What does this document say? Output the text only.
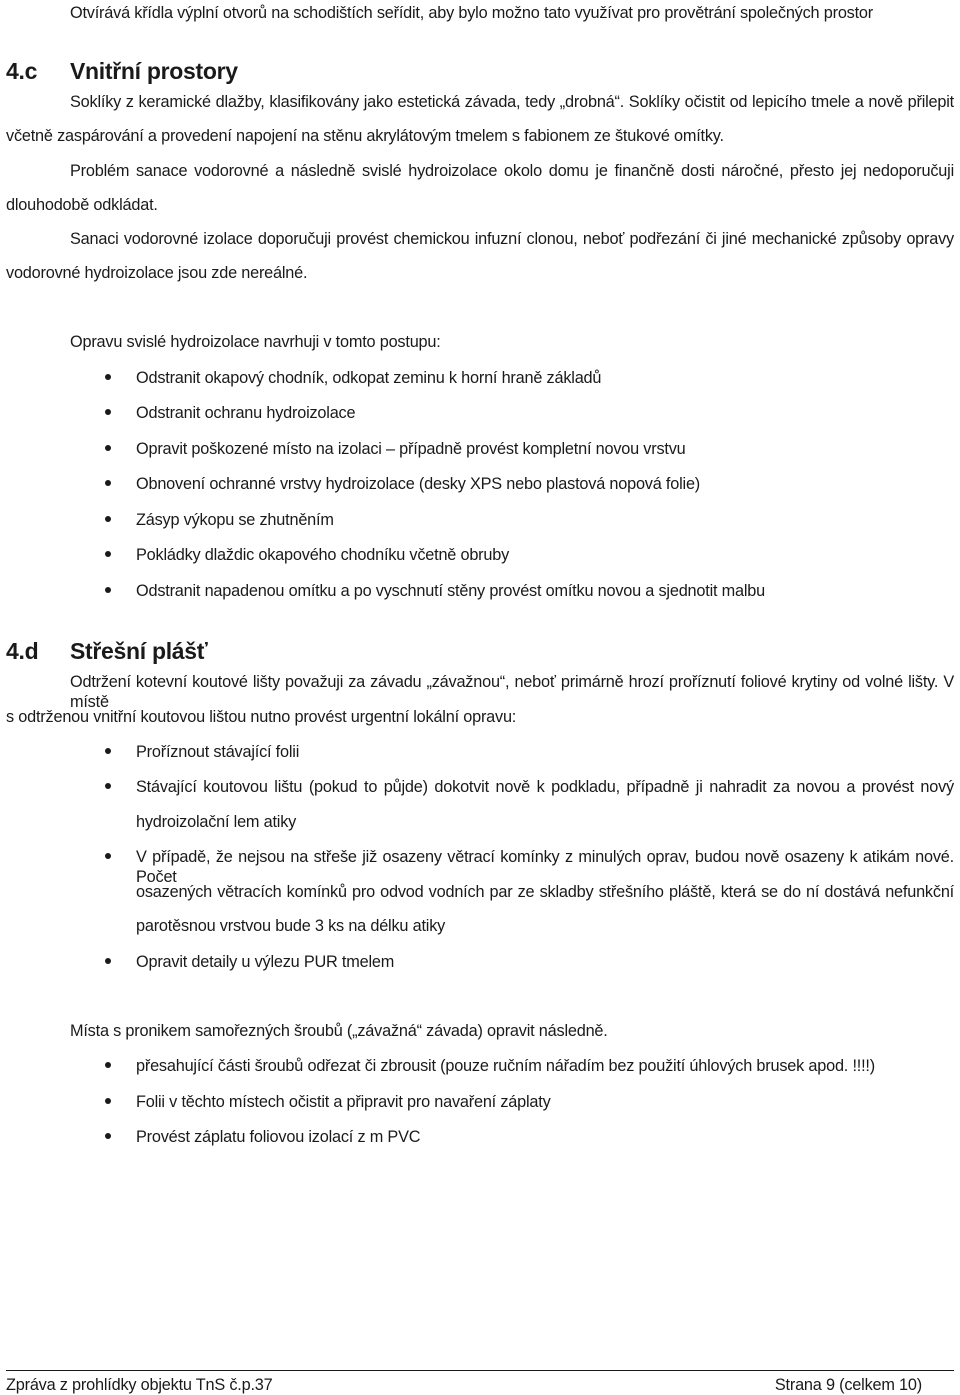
Otvírává křídla výplní otvorů na schodištích seřídit, aby bylo možno tato využívat pro provětrání společných prostor
4.c Vnitřní prostory
Soklíky z keramické dlažby, klasifikovány jako estetická závada, tedy „drobná“. Soklíky očistit od lepicího tmele a nově přilepit
včetně zaspárování a provedení napojení na stěnu akrylátovým tmelem s fabionem ze štukové omítky.
Problém sanace vodorovné a následně svislé hydroizolace okolo domu je finančně dosti náročné, přesto jej nedoporučuji
dlouhodobě odkládat.
Sanaci vodorovné izolace doporučuji provést chemickou infuzní clonou, neboť podřezání či jiné mechanické způsoby opravy
vodorovné hydroizolace jsou zde nereálné.
Opravu svislé hydroizolace navrhuji v tomto postupu:
Odstranit okapový chodník, odkopat zeminu k horní hraně základů
Odstranit ochranu hydroizolace
Opravit poškozené místo na izolaci – případně provést kompletní novou vrstvu
Obnovení ochranné vrstvy hydroizolace (desky XPS nebo plastová nopová folie)
Zásyp výkopu se zhutněním
Pokládky dlaždic okapového chodníku včetně obruby
Odstranit napadenou omítku a po vyschnutí stěny provést omítku novou a sjednotit malbu
4.d Střešní plášť
Odtržení kotevní koutové lišty považuji za závadu „závažnou“, neboť primárně hrozí proříznutí foliové krytiny od volné lišty. V místě
s odtrženou vnitřní koutovou lištou nutno provést urgentní lokální opravu:
Proříznout stávající folii
Stávající koutovou lištu (pokud to půjde) dokotvit nově k podkladu, případně ji nahradit za novou a provést nový
hydroizolační lem atiky
V případě, že nejsou na střeše již osazeny větrací komínky z minulých oprav, budou nově osazeny k atikám nové. Počet
osazených větracích komínků pro odvod vodních par ze skladby střešního pláště, která se do ní dostává nefunkční
parotěsnou vrstvou bude 3 ks na délku atiky
Opravit detaily u výlezu PUR tmelem
Místa s pronikem samořezných šroubů („závažná“ závada) opravit následně.
přesahující části šroubů odřezat či zbrousit (pouze ručním nářadím bez použití úhlových brusek apod. !!!!)
Folii v těchto místech očistit a připravit pro navaření záplaty
Provést záplatu foliovou izolací z m PVC
Zpráva z prohlídky objektu TnS č.p.37	Strana 9 (celkem 10)
